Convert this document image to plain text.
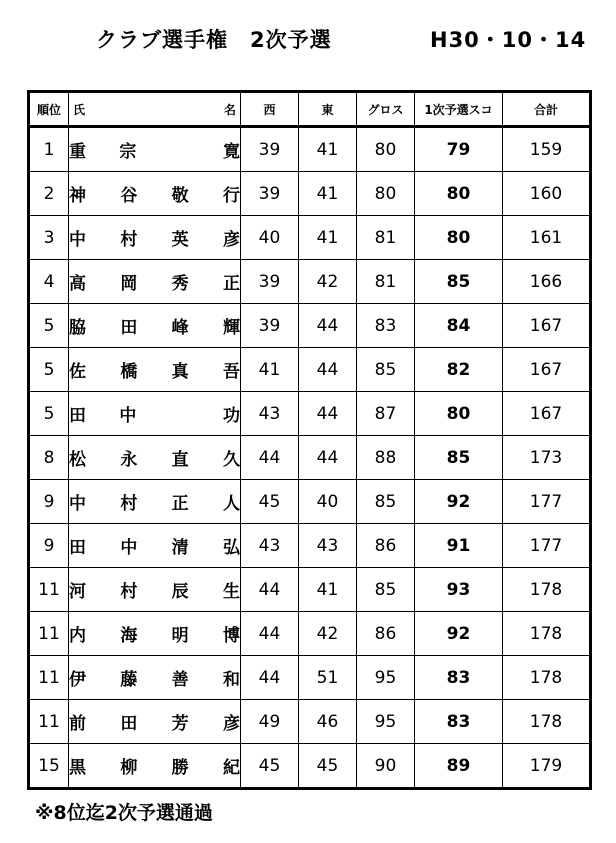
クラブ選手権　2次予選	H30・10・14
順位	氏 名	西	東	グロス	1次予選スコ	合計
1	重 宗 寛	39	41	80	79	159
2	神 谷 敬 行	39	41	80	80	160
3	中 村 英 彦	40	41	81	80	161
4	高 岡 秀 正	39	42	81	85	166
5	脇 田 峰 輝	39	44	83	84	167
5	佐 橋 真 吾	41	44	85	82	167
5	田 中 功	43	44	87	80	167
8	松 永 直 久	44	44	88	85	173
9	中 村 正 人	45	40	85	92	177
9	田 中 清 弘	43	43	86	91	177
11	河 村 辰 生	44	41	85	93	178
11	内 海 明 博	44	42	86	92	178
11	伊 藤 善 和	44	51	95	83	178
11	前 田 芳 彦	49	46	95	83	178
15	黒 柳 勝 紀	45	45	90	89	179
※8位迄2次予選通過
